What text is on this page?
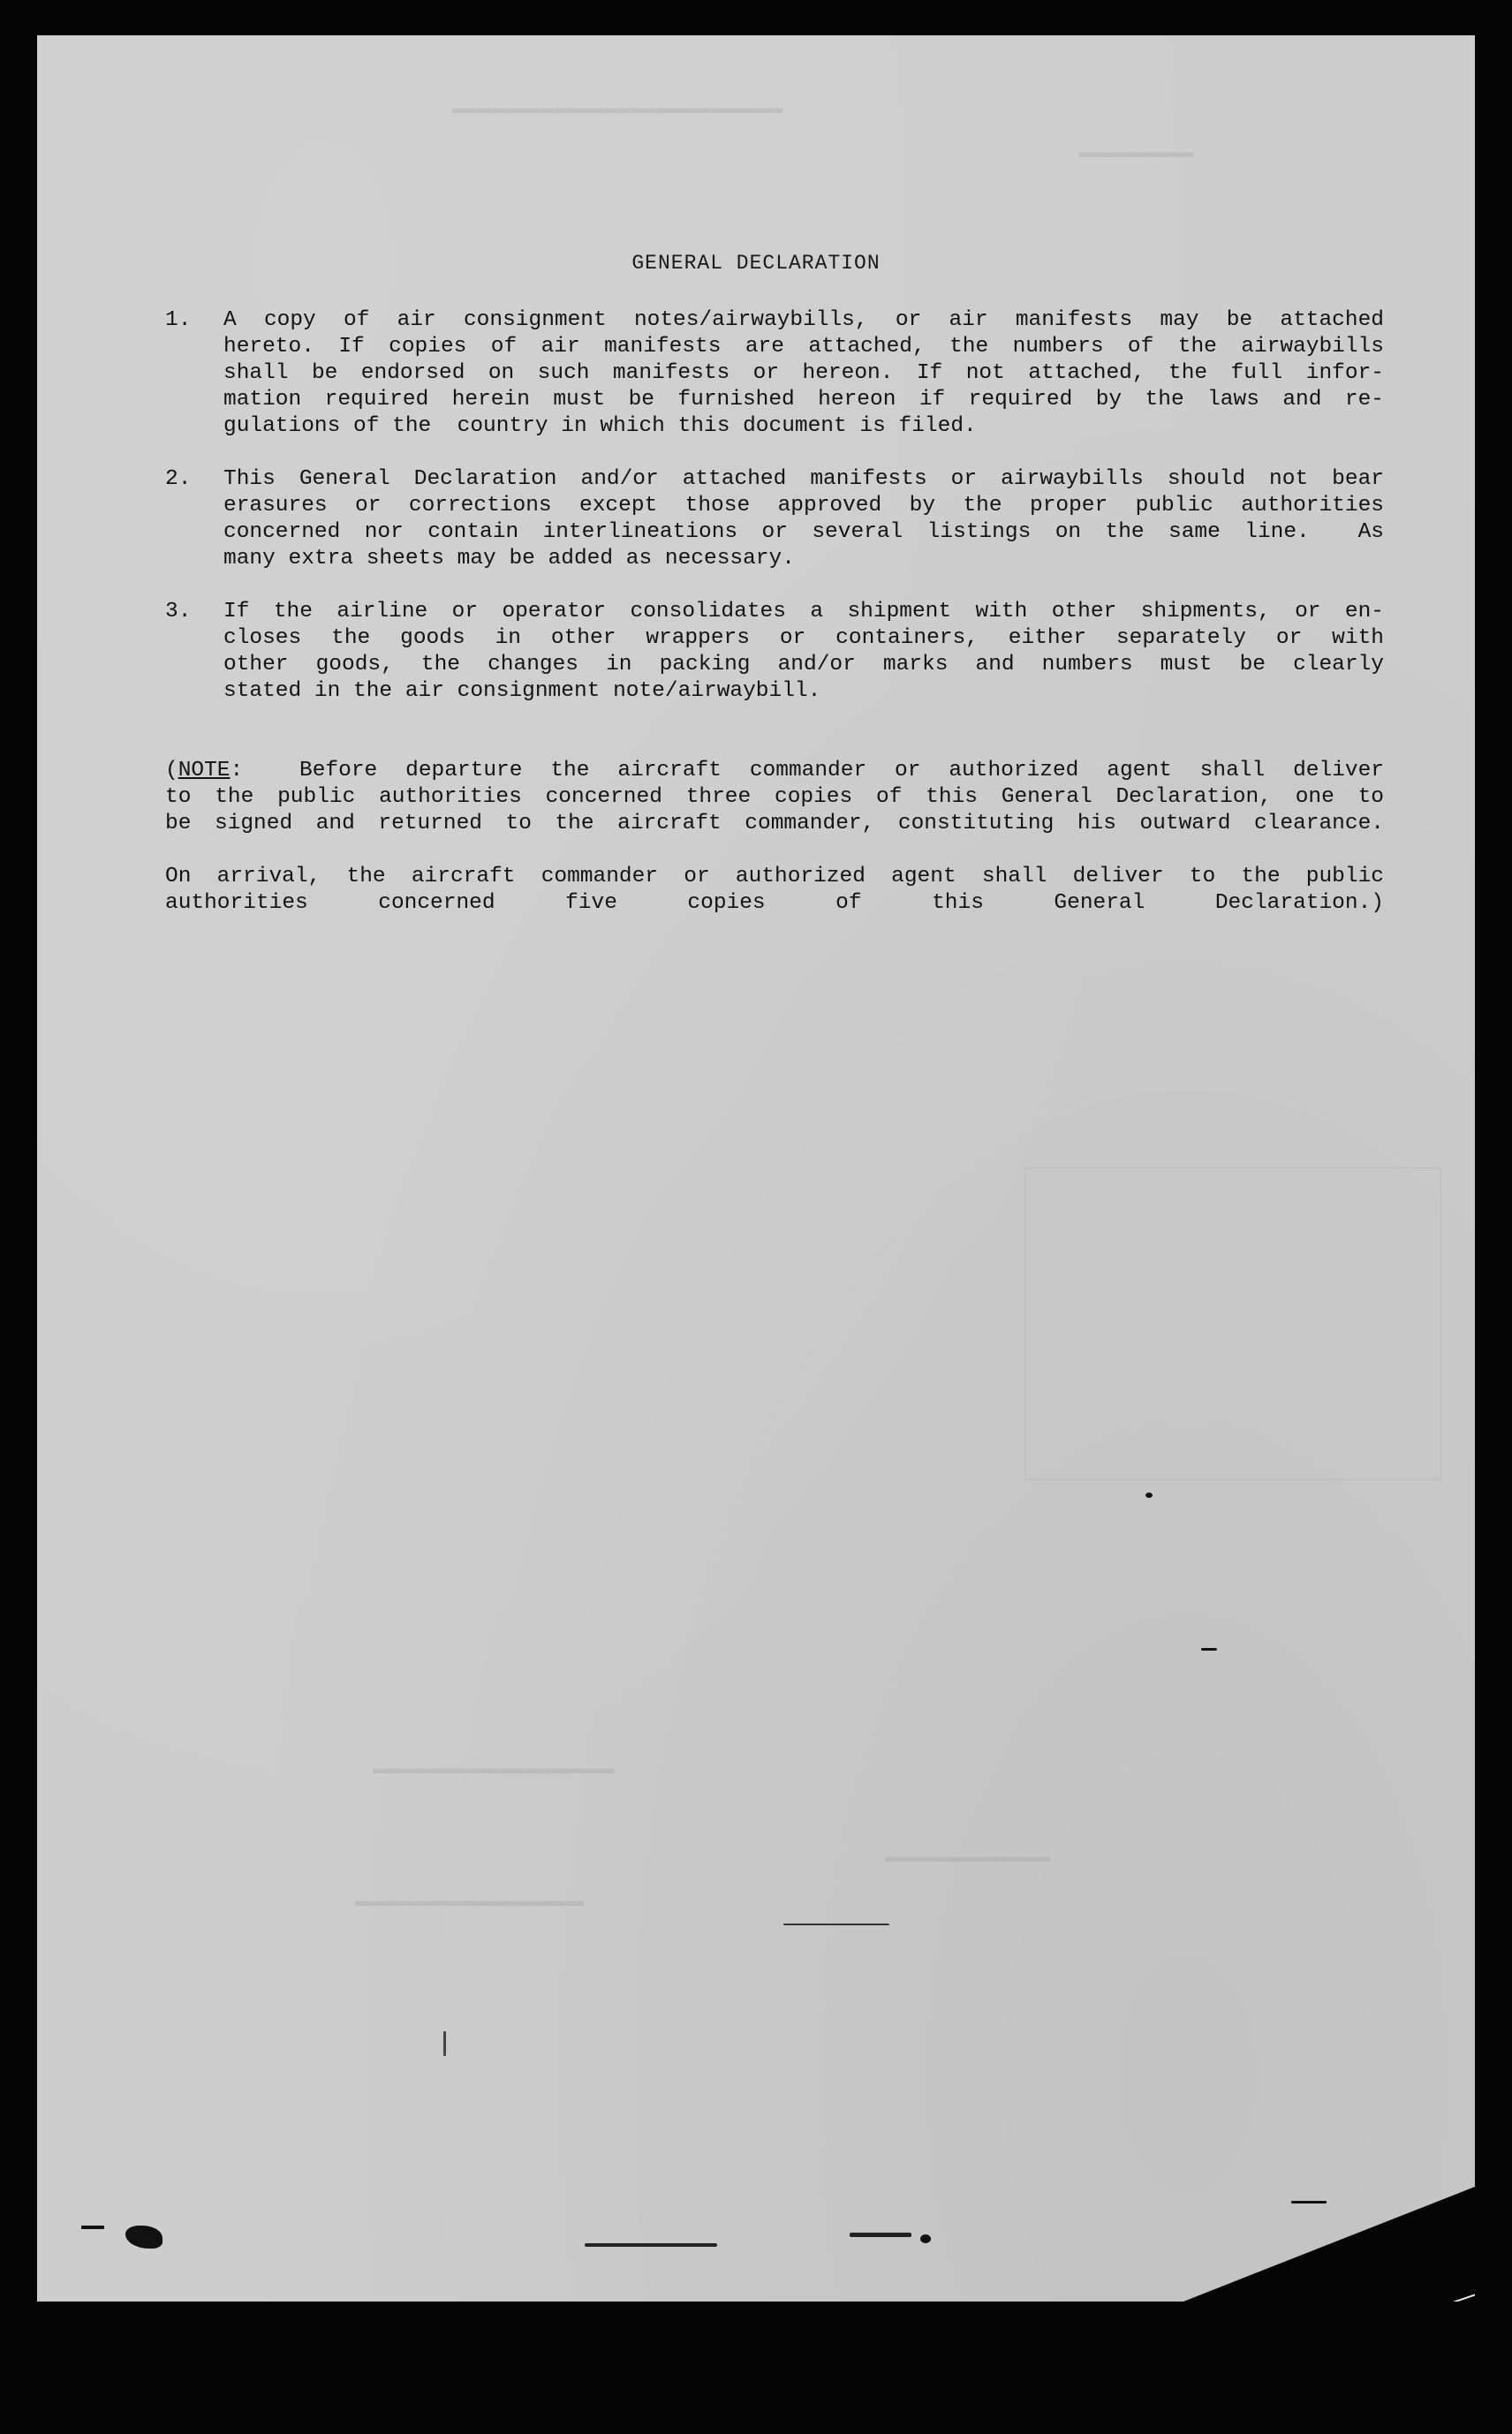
▬▬▬▬▬▬▬▬▬▬▬▬▬▬▬▬▬▬▬▬▬▬▬▬▬▬
▬▬▬▬▬▬▬▬▬
▬▬▬▬▬▬▬▬▬▬▬▬▬▬▬▬▬▬▬
▬▬▬▬▬▬▬▬▬▬▬▬▬
▬▬▬▬▬▬▬▬▬▬▬▬▬▬▬▬▬▬
GENERAL DECLARATION
1. A copy of air consignment notes/airwaybills, or air manifests may be attached
hereto. If copies of air manifests are attached, the numbers of the airwaybills
shall be endorsed on such manifests or hereon. If not attached, the full infor-
mation required herein must be furnished hereon if required by the laws and re-
gulations of the  country in which this document is filed.
2. This General Declaration and/or attached manifests or airwaybills should not bear
erasures or corrections except those approved by the proper public authorities
concerned nor contain interlineations or several listings on the same line.  As
many extra sheets may be added as necessary.
3. If the airline or operator consolidates a shipment with other shipments, or en-
closes the goods in other wrappers or containers, either separately or with
other goods, the changes in packing and/or marks and numbers must be clearly
stated in the air consignment note/airwaybill.
(NOTE:  Before departure the aircraft commander or authorized agent shall deliver
to the public authorities concerned three copies of this General Declaration, one to
be signed and returned to the aircraft commander, constituting his outward clearance.
On arrival, the aircraft commander or authorized agent shall deliver to the public
authorities concerned five copies of this General Declaration.)
